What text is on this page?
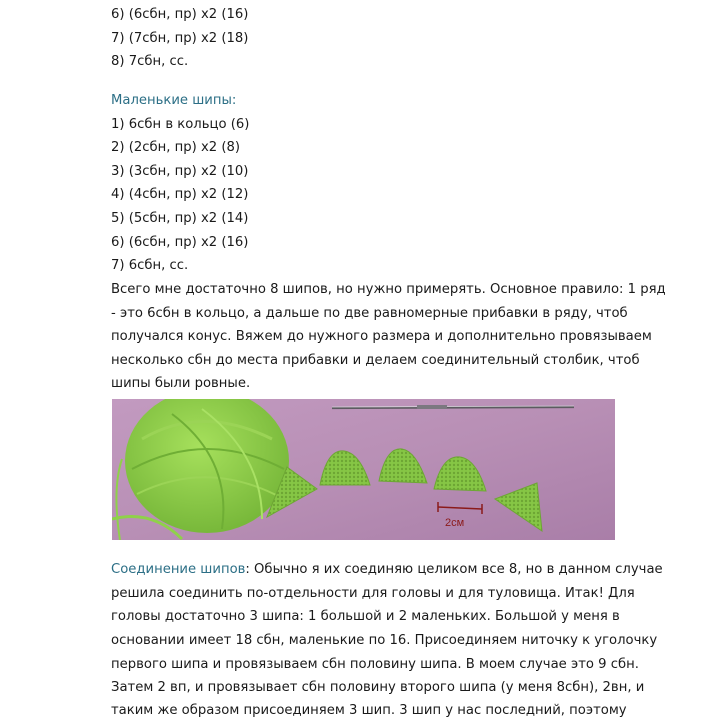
6) (6сбн, пр) х2 (16)
7) (7сбн, пр) х2 (18)
8) 7сбн, сс.
Маленькие шипы:
1) 6сбн в кольцо (6)
2) (2сбн, пр) х2 (8)
3) (3сбн, пр) х2 (10)
4) (4сбн, пр) х2 (12)
5) (5сбн, пр) х2 (14)
6) (6сбн, пр) х2 (16)
7) 6сбн, сс.
Всего мне достаточно 8 шипов, но нужно примерять. Основное правило: 1 ряд
- это 6сбн в кольцо, а дальше по две равномерные прибавки в ряду, чтоб
получался конус. Вяжем до нужного размера и дополнительно провязываем
несколько сбн до места прибавки и делаем соединительный столбик, чтоб
шипы были ровные.
2см
Соединение шипов: Обычно я их соединяю целиком все 8, но в данном случае
решила соединить по-отдельности для головы и для туловища. Итак! Для
головы достаточно 3 шипа: 1 большой и 2 маленьких. Большой у меня в
основании имеет 18 сбн, маленькие по 16. Присоединяем ниточку к уголочку
первого шипа и провязываем сбн половину шипа. В моем случае это 9 сбн.
Затем 2 вп, и провязывает сбн половину второго шипа (у меня 8сбн), 2вн, и
таким же образом присоединяем 3 шип. 3 шип у нас последний, поэтому
